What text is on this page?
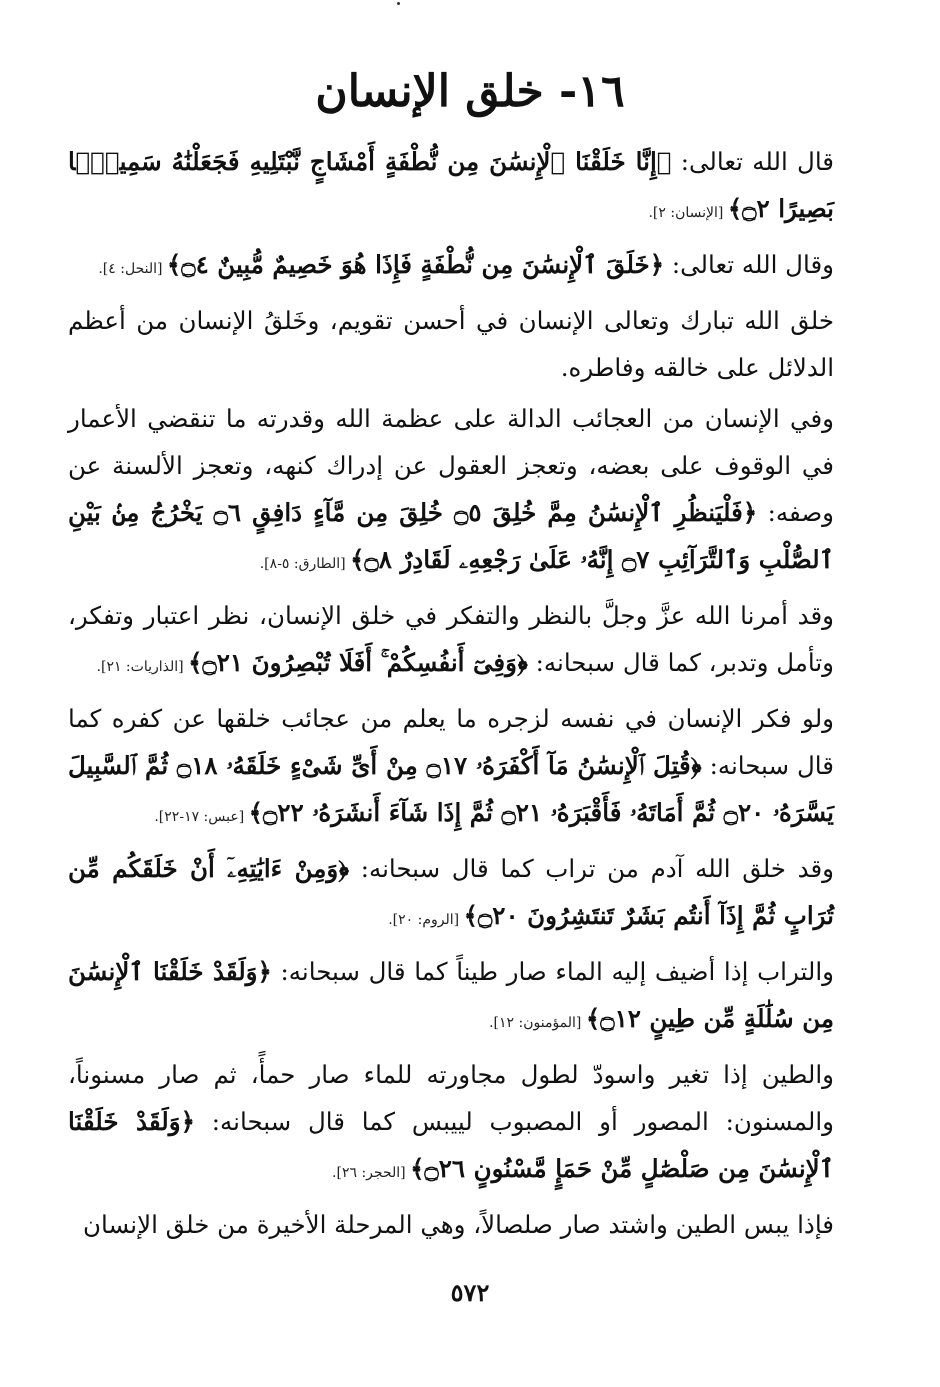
١٦- خلق الإنسان

قال الله تعالى: ﴿إِنَّا خَلَقْنَا ٱلْإِنسَٰنَ مِن نُّطْفَةٍ أَمْشَاجٍ نَّبْتَلِيهِ فَجَعَلْنَٰهُ سَمِيعًۢا بَصِيرًا ۝٢﴾ [الإنسان: ٢].

وقال الله تعالى: ﴿خَلَقَ ٱلْإِنسَٰنَ مِن نُّطْفَةٍ فَإِذَا هُوَ خَصِيمٌ مُّبِينٌ ۝٤﴾ [النحل: ٤].

خلق الله تبارك وتعالى الإنسان في أحسن تقويم، وخَلقُ الإنسان من أعظم الدلائل على خالقه وفاطره.

وفي الإنسان من العجائب الدالة على عظمة الله وقدرته ما تنقضي الأعمار في الوقوف على بعضه، وتعجز العقول عن إدراك كنهه، وتعجز الألسنة عن وصفه: ﴿فَلْيَنظُرِ ٱلْإِنسَٰنُ مِمَّ خُلِقَ ۝٥ خُلِقَ مِن مَّآءٍ دَافِقٍ ۝٦ يَخْرُجُ مِنۢ بَيْنِ ٱلصُّلْبِ وَٱلتَّرَآئِبِ ۝٧ إِنَّهُۥ عَلَىٰ رَجْعِهِۦ لَقَادِرٌ ۝٨﴾ [الطارق: ٥-٨].

وقد أمرنا الله عزَّ وجلَّ بالنظر والتفكر في خلق الإنسان، نظر اعتبار وتفكر، وتأمل وتدبر، كما قال سبحانه: ﴿وَفِىٓ أَنفُسِكُمْ ۚ أَفَلَا تُبْصِرُونَ ۝٢١﴾ [الذاريات: ٢١].

ولو فكر الإنسان في نفسه لزجره ما يعلم من عجائب خلقها عن كفره كما قال سبحانه: ﴿قُتِلَ ٱلْإِنسَٰنُ مَآ أَكْفَرَهُۥ ۝١٧ مِنْ أَىِّ شَىْءٍ خَلَقَهُۥ ۝١٨ ثُمَّ ٱلسَّبِيلَ يَسَّرَهُۥ ۝٢٠ ثُمَّ أَمَاتَهُۥ فَأَقْبَرَهُۥ ۝٢١ ثُمَّ إِذَا شَآءَ أَنشَرَهُۥ ۝٢٢﴾ [عبس: ١٧-٢٢].

وقد خلق الله آدم من تراب كما قال سبحانه: ﴿وَمِنْ ءَايَٰتِهِۦٓ أَنْ خَلَقَكُم مِّن تُرَابٍ ثُمَّ إِذَآ أَنتُم بَشَرٌ تَنتَشِرُونَ ۝٢٠﴾ [الروم: ٢٠].

والتراب إذا أضيف إليه الماء صار طيناً كما قال سبحانه: ﴿وَلَقَدْ خَلَقْنَا ٱلْإِنسَٰنَ مِن سُلَٰلَةٍ مِّن طِينٍ ۝١٢﴾ [المؤمنون: ١٢].

والطين إذا تغير واسودّ لطول مجاورته للماء صار حمأً، ثم صار مسنوناً، والمسنون: المصور أو المصبوب لييبس كما قال سبحانه: ﴿وَلَقَدْ خَلَقْنَا ٱلْإِنسَٰنَ مِن صَلْصَٰلٍ مِّنْ حَمَإٍ مَّسْنُونٍ ۝٢٦﴾ [الحجر: ٢٦].

فإذا يبس الطين واشتد صار صلصالاً، وهي المرحلة الأخيرة من خلق الإنسان

٥٧٢
